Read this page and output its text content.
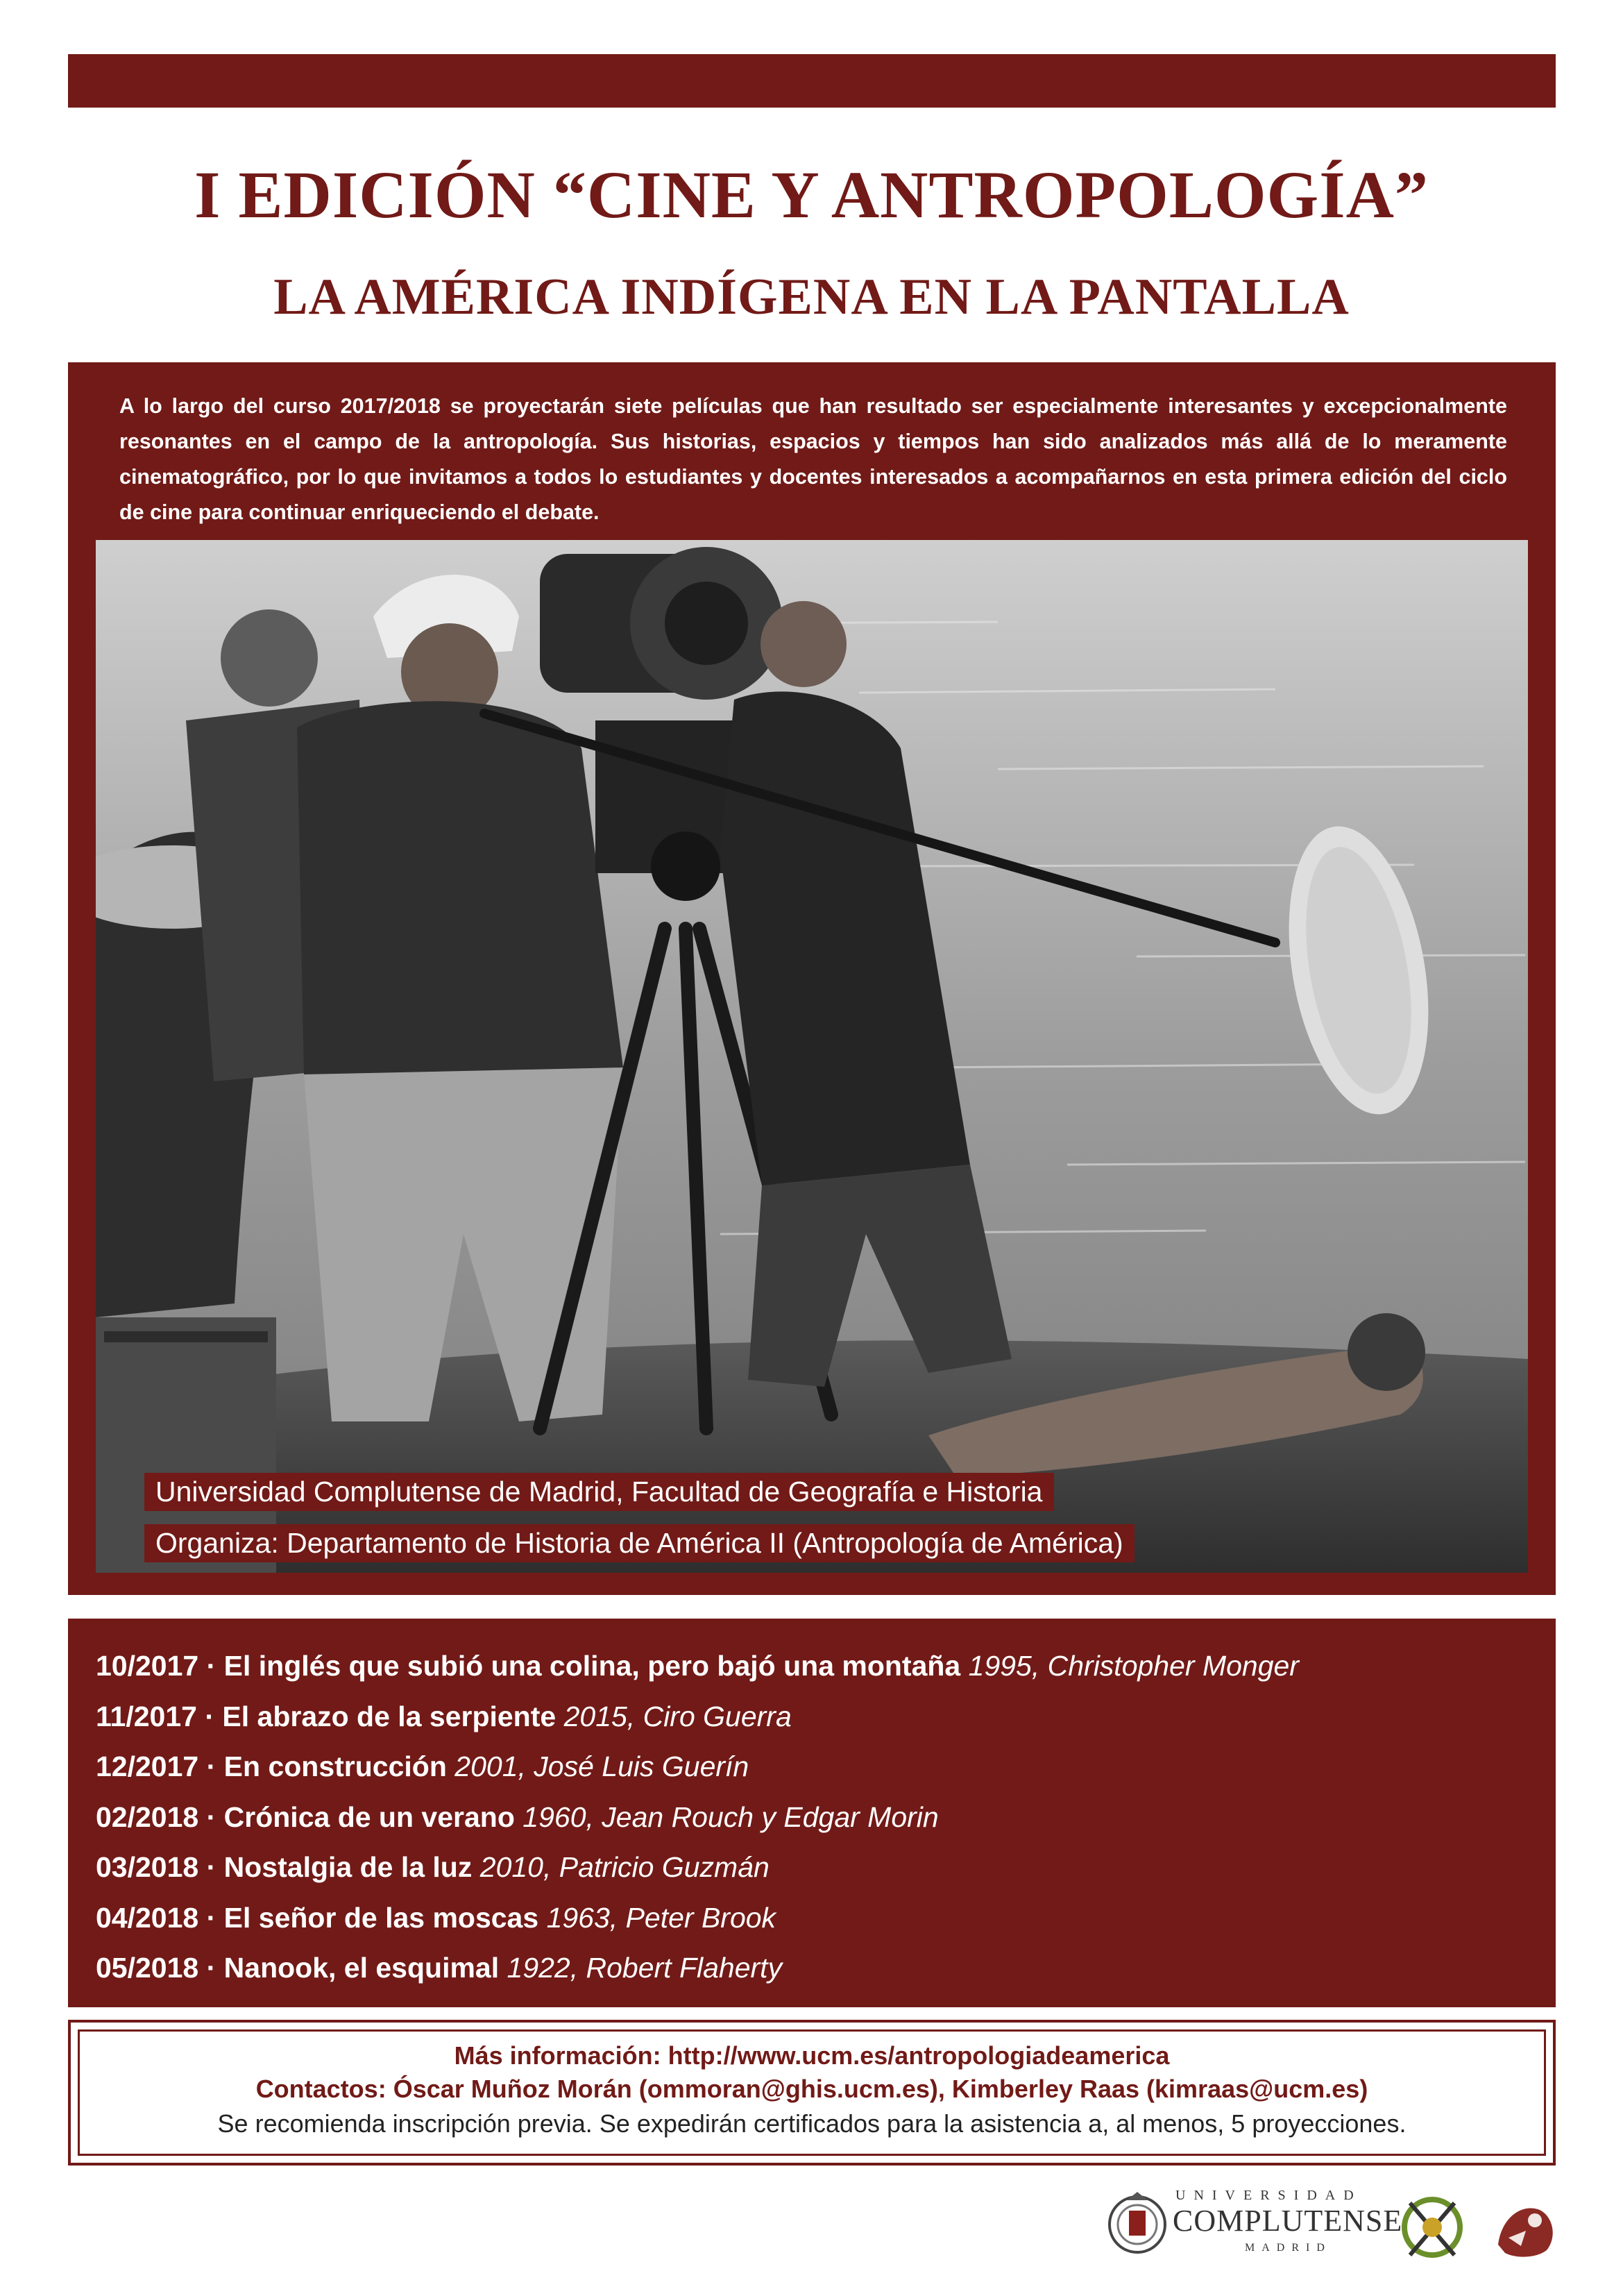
I EDICIÓN “CINE Y ANTROPOLOGÍA”
LA AMÉRICA INDÍGENA EN LA PANTALLA

A lo largo del curso 2017/2018 se proyectarán siete películas que han resultado ser especialmente interesantes y excepcionalmente resonantes en el campo de la antropología. Sus historias, espacios y tiempos han sido analizados más allá de lo meramente cinematográfico, por lo que invitamos a todos lo estudiantes y docentes interesados a acompañarnos en esta primera edición del ciclo de cine para continuar enriqueciendo el debate.

Universidad Complutense de Madrid, Facultad de Geografía e Historia
Organiza: Departamento de Historia de América II (Antropología de América)
10/2017 · El inglés que subió una colina, pero bajó una montaña 1995, Christopher Monger
11/2017 · El abrazo de la serpiente 2015, Ciro Guerra
12/2017 · En construcción 2001, José Luis Guerín
02/2018 · Crónica de un verano 1960, Jean Rouch y Edgar Morin
03/2018 · Nostalgia de la luz 2010, Patricio Guzmán
04/2018 · El señor de las moscas 1963, Peter Brook
05/2018 · Nanook, el esquimal 1922, Robert Flaherty
Más información: http://www.ucm.es/antropologiadeamerica
Contactos: Óscar Muñoz Morán (ommoran@ghis.ucm.es), Kimberley Raas (kimraas@ucm.es)
Se recomienda inscripción previa. Se expedirán certificados para la asistencia a, al menos, 5 proyecciones.
UNIVERSIDAD
COMPLUTENSE
MADRID
